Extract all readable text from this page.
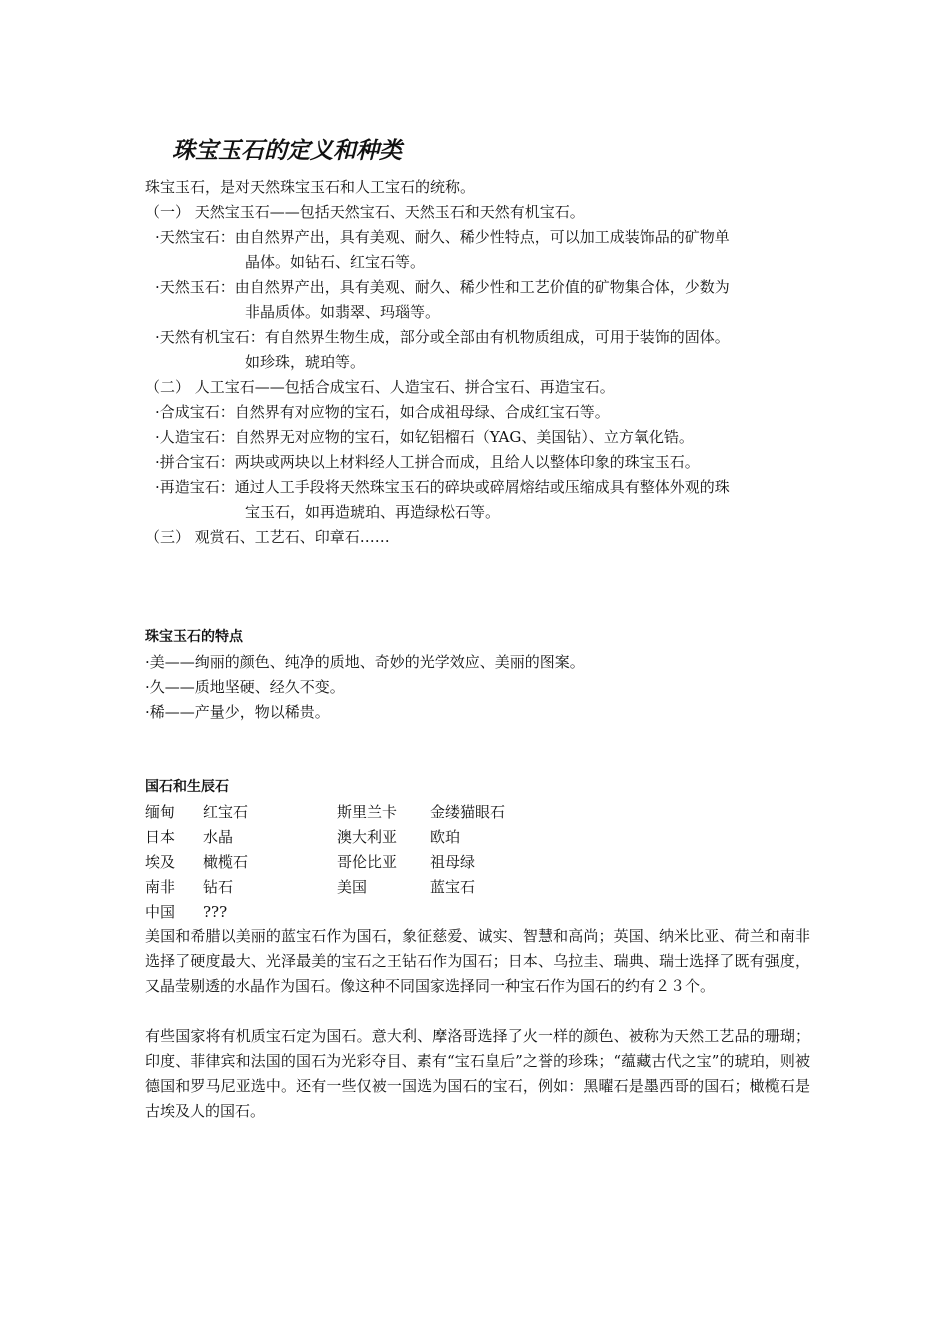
珠宝玉石的定义和种类
珠宝玉石，是对天然珠宝玉石和人工宝石的统称。
（一） 天然宝玉石——包括天然宝石、天然玉石和天然有机宝石。
·天然宝石：由自然界产出，具有美观、耐久、稀少性特点，可以加工成装饰品的矿物单
晶体。如钻石、红宝石等。
·天然玉石：由自然界产出，具有美观、耐久、稀少性和工艺价值的矿物集合体，少数为
非晶质体。如翡翠、玛瑙等。
·天然有机宝石：有自然界生物生成，部分或全部由有机物质组成，可用于装饰的固体。
如珍珠，琥珀等。
（二） 人工宝石——包括合成宝石、人造宝石、拼合宝石、再造宝石。
·合成宝石：自然界有对应物的宝石，如合成祖母绿、合成红宝石等。
·人造宝石：自然界无对应物的宝石，如钇铝榴石（YAG、美国钻）、立方氧化锆。
·拼合宝石：两块或两块以上材料经人工拼合而成，且给人以整体印象的珠宝玉石。
·再造宝石：通过人工手段将天然珠宝玉石的碎块或碎屑熔结或压缩成具有整体外观的珠
宝玉石，如再造琥珀、再造绿松石等。
（三） 观赏石、工艺石、印章石……
珠宝玉石的特点
·美——绚丽的颜色、纯净的质地、奇妙的光学效应、美丽的图案。
·久——质地坚硬、经久不变。
·稀——产量少，物以稀贵。
国石和生辰石
缅甸 红宝石	斯里兰卡 金缕猫眼石
日本 水晶	澳大利亚 欧珀
埃及 橄榄石	哥伦比亚 祖母绿
南非 钻石	美国	蓝宝石
中国 ???
美国和希腊以美丽的蓝宝石作为国石，象征慈爱、诚实、智慧和高尚；英国、纳米比亚、荷兰和南非选择了硬度最大、光泽最美的宝石之王钻石作为国石；日本、乌拉圭、瑞典、瑞士选择了既有强度，又晶莹剔透的水晶作为国石。像这种不同国家选择同一种宝石作为国石的约有２３个。
有些国家将有机质宝石定为国石。意大利、摩洛哥选择了火一样的颜色、被称为天然工艺品的珊瑚；印度、菲律宾和法国的国石为光彩夺目、素有“宝石皇后”之誉的珍珠；“蕴藏古代之宝”的琥珀，则被德国和罗马尼亚选中。还有一些仅被一国选为国石的宝石，例如：黑曜石是墨西哥的国石；橄榄石是古埃及人的国石。
